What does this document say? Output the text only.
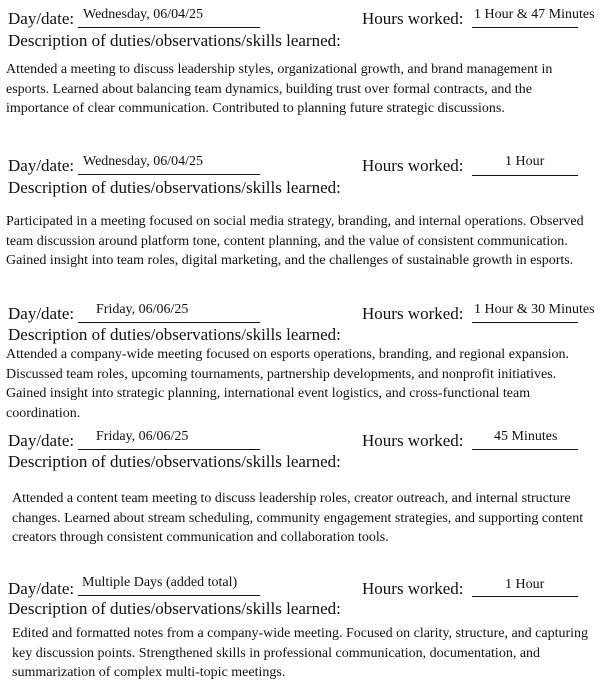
Day/date: Wednesday, 06/04/25	Hours worked: 1 Hour & 47 Minutes
Description of duties/observations/skills learned:
Attended a meeting to discuss leadership styles, organizational growth, and brand management in esports. Learned about balancing team dynamics, building trust over formal contracts, and the importance of clear communication. Contributed to planning future strategic discussions.
Day/date: Wednesday, 06/04/25	Hours worked:	1 Hour
Description of duties/observations/skills learned:
Participated in a meeting focused on social media strategy, branding, and internal operations. Observed team discussion around platform tone, content planning, and the value of consistent communication. Gained insight into team roles, digital marketing, and the challenges of sustainable growth in esports.
Day/date: Friday, 06/06/25	Hours worked: 1 Hour & 30 Minutes
Description of duties/observations/skills learned:
Attended a company-wide meeting focused on esports operations, branding, and regional expansion. Discussed team roles, upcoming tournaments, partnership developments, and nonprofit initiatives. Gained insight into strategic planning, international event logistics, and cross-functional team coordination.
Day/date: Friday, 06/06/25	Hours worked: 45 Minutes
Description of duties/observations/skills learned:
Attended a content team meeting to discuss leadership roles, creator outreach, and internal structure changes. Learned about stream scheduling, community engagement strategies, and supporting content creators through consistent communication and collaboration tools.
Day/date: Multiple Days (added total)	Hours worked:	1 Hour
Description of duties/observations/skills learned:
Edited and formatted notes from a company-wide meeting. Focused on clarity, structure, and capturing key discussion points. Strengthened skills in professional communication, documentation, and summarization of complex multi-topic meetings.
